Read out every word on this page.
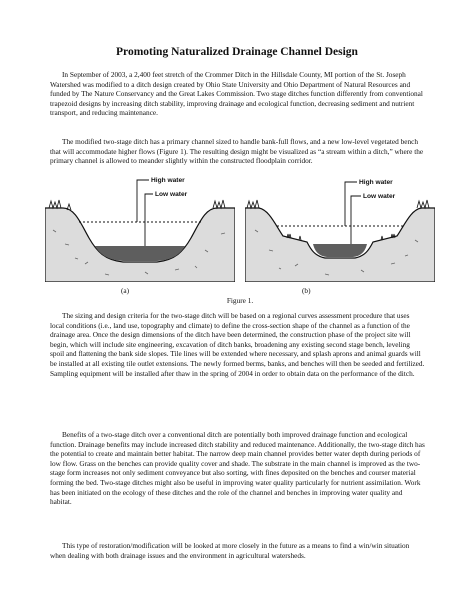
Promoting Naturalized Drainage Channel Design

In September of 2003, a 2,400 feet stretch of the Crommer Ditch in the Hillsdale County, MI portion of the St. Joseph Watershed was modified to a ditch design created by Ohio State University and Ohio Department of Natural Resources and funded by The Nature Conservancy and the Great Lakes Commission. Two stage ditches function differently from conventional trapezoid designs by increasing ditch stability, improving drainage and ecological function, decreasing sediment and nutrient transport, and reducing maintenance.

The modified two-stage ditch has a primary channel sized to handle bank-full flows, and a new low-level vegetated bench that will accommodate higher flows (Figure 1). The resulting design might be visualized as “a stream within a ditch,” where the primary channel is allowed to meander slightly within the constructed floodplain corridor.

High water
Low water
High water
Low water
(a)	(b)
Figure 1.

The sizing and design criteria for the two-stage ditch will be based on a regional curves assessment procedure that uses local conditions (i.e., land use, topography and climate) to define the cross-section shape of the channel as a function of the drainage area. Once the design dimensions of the ditch have been determined, the construction phase of the project site will begin, which will include site engineering, excavation of ditch banks, broadening any existing second stage bench, leveling spoil and flattening the bank side slopes. Tile lines will be extended where necessary, and splash aprons and animal guards will be installed at all existing tile outlet extensions. The newly formed berms, banks, and benches will then be seeded and fertilized. Sampling equipment will be installed after thaw in the spring of 2004 in order to obtain data on the performance of the ditch.

Benefits of a two-stage ditch over a conventional ditch are potentially both improved drainage function and ecological function. Drainage benefits may include increased ditch stability and reduced maintenance. Additionally, the two-stage ditch has the potential to create and maintain better habitat. The narrow deep main channel provides better water depth during periods of low flow. Grass on the benches can provide quality cover and shade. The substrate in the main channel is improved as the two-stage form increases not only sediment conveyance but also sorting, with fines deposited on the benches and courser material forming the bed. Two-stage ditches might also be useful in improving water quality particularly for nutrient assimilation. Work has been initiated on the ecology of these ditches and the role of the channel and benches in improving water quality and habitat.

This type of restoration/modification will be looked at more closely in the future as a means to find a win/win situation when dealing with both drainage issues and the environment in agricultural watersheds.
